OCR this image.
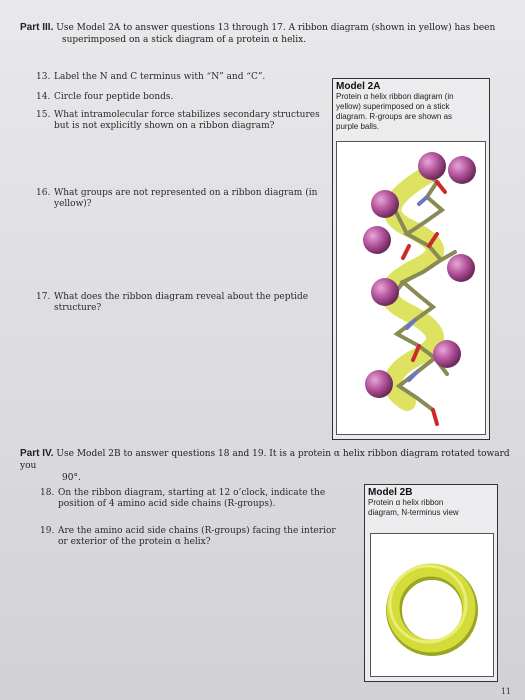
Part III. Use Model 2A to answer questions 13 through 17. A ribbon diagram (shown in yellow) has been
superimposed on a stick diagram of a protein α helix.
13. Label the N and C terminus with “N” and “C”.
14. Circle four peptide bonds.
15. What intramolecular force stabilizes secondary structures
but is not explicitly shown on a ribbon diagram?
16. What groups are not represented on a ribbon diagram (in
yellow)?
17. What does the ribbon diagram reveal about the peptide
structure?
Model 2A
Protein α helix ribbon diagram (in
yellow) superimposed on a stick
diagram. R-groups are shown as
purple balls.
Part IV. Use Model 2B to answer questions 18 and 19. It is a protein α helix ribbon diagram rotated toward you
90°.
18. On the ribbon diagram, starting at 12 o’clock, indicate the
position of 4 amino acid side chains (R-groups).
19. Are the amino acid side chains (R-groups) facing the interior
or exterior of the protein α helix?
Model 2B
Protein α helix ribbon
diagram, N-terminus view
11
